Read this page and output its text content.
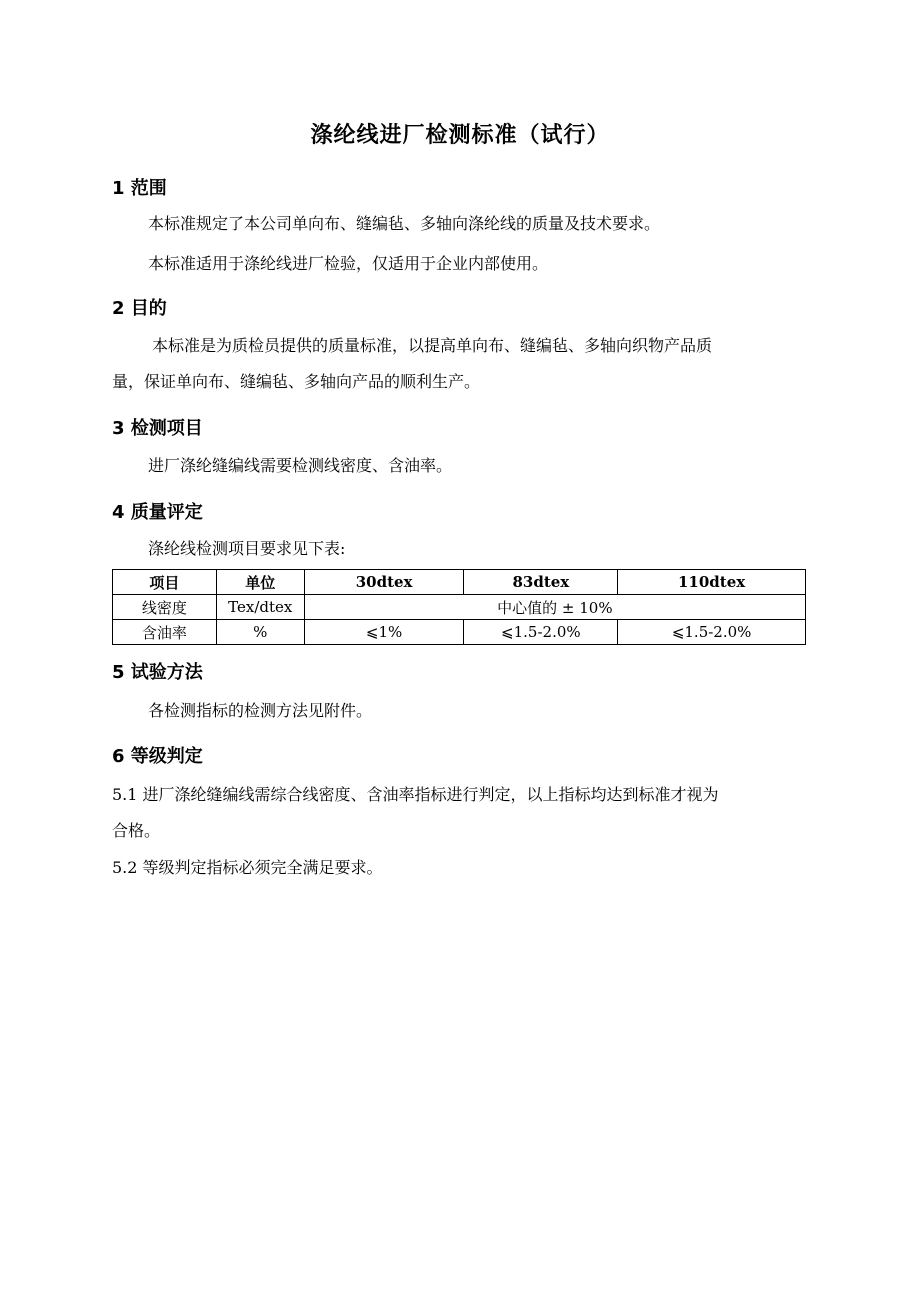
涤纶线进厂检测标准（试行）
1 范围
本标准规定了本公司单向布、缝编毡、多轴向涤纶线的质量及技术要求。
本标准适用于涤纶线进厂检验，仅适用于企业内部使用。
2 目的
本标准是为质检员提供的质量标准，以提高单向布、缝编毡、多轴向织物产品质
量，保证单向布、缝编毡、多轴向产品的顺利生产。
3 检测项目
进厂涤纶缝编线需要检测线密度、含油率。
4 质量评定
涤纶线检测项目要求见下表:
项目	单位	30dtex	83dtex	110dtex
线密度	Tex/dtex	中心值的 ± 10%		
含油率	%	⩽1%	⩽1.5-2.0%	⩽1.5-2.0%
5 试验方法
各检测指标的检测方法见附件。
6 等级判定
5.1 进厂涤纶缝编线需综合线密度、含油率指标进行判定，以上指标均达到标准才视为
合格。
5.2 等级判定指标必须完全满足要求。
